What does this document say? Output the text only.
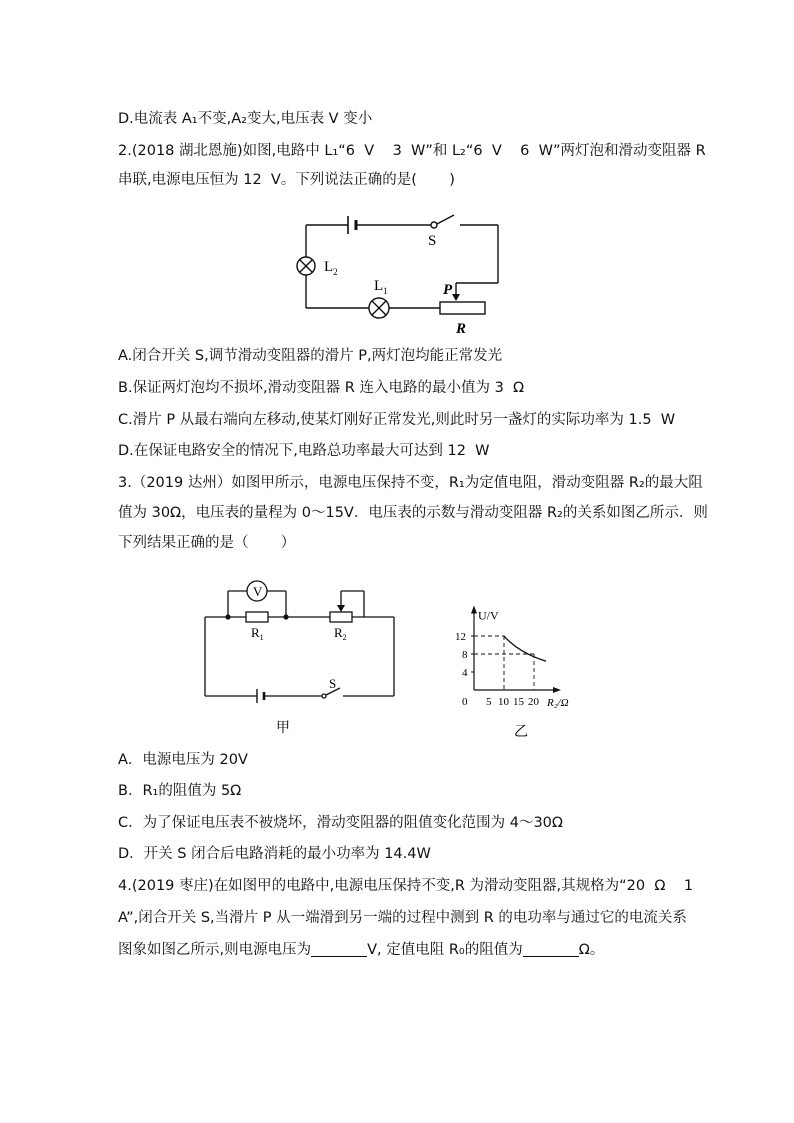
D.电流表 A₁不变,A₂变大,电压表 V 变小
2.(2018 湖北恩施)如图,电路中 L₁“6  V    3  W”和 L₂“6  V    6  W”两灯泡和滑动变阻器 R
串联,电源电压恒为 12  V。下列说法正确的是(       )
S
$L_2$
$L_1$	P
R
A.闭合开关 S,调节滑动变阻器的滑片 P,两灯泡均能正常发光
B.保证两灯泡均不损坏,滑动变阻器 R 连入电路的最小值为 3  Ω
C.滑片 P 从最右端向左移动,使某灯刚好正常发光,则此时另一盏灯的实际功率为 1.5  W
D.在保证电路安全的情况下,电路总功率最大可达到 12  W
3.（2019 达州）如图甲所示，电源电压保持不变，R₁为定值电阻，滑动变阻器 R₂的最大阻
值为 30Ω，电压表的量程为 0～15V．电压表的示数与滑动变阻器 R₂的关系如图乙所示．则
下列结果正确的是（       ）
V
$R_1$	$R_2$
S
甲
U/V
R₂/Ω
0 5 10 15 20
4
8
12
乙
A．电源电压为 20V
B．R₁的阻值为 5Ω
C．为了保证电压表不被烧坏，滑动变阻器的阻值变化范围为 4～30Ω
D．开关 S 闭合后电路消耗的最小功率为 14.4W
4.(2019 枣庄)在如图甲的电路中,电源电压保持不变,R 为滑动变阻器,其规格为“20  Ω    1
A”,闭合开关 S,当滑片 P 从一端滑到另一端的过程中测到 R 的电功率与通过它的电流关系
图象如图乙所示,则电源电压为	V, 定值电阻 R₀的阻值为	Ω。
